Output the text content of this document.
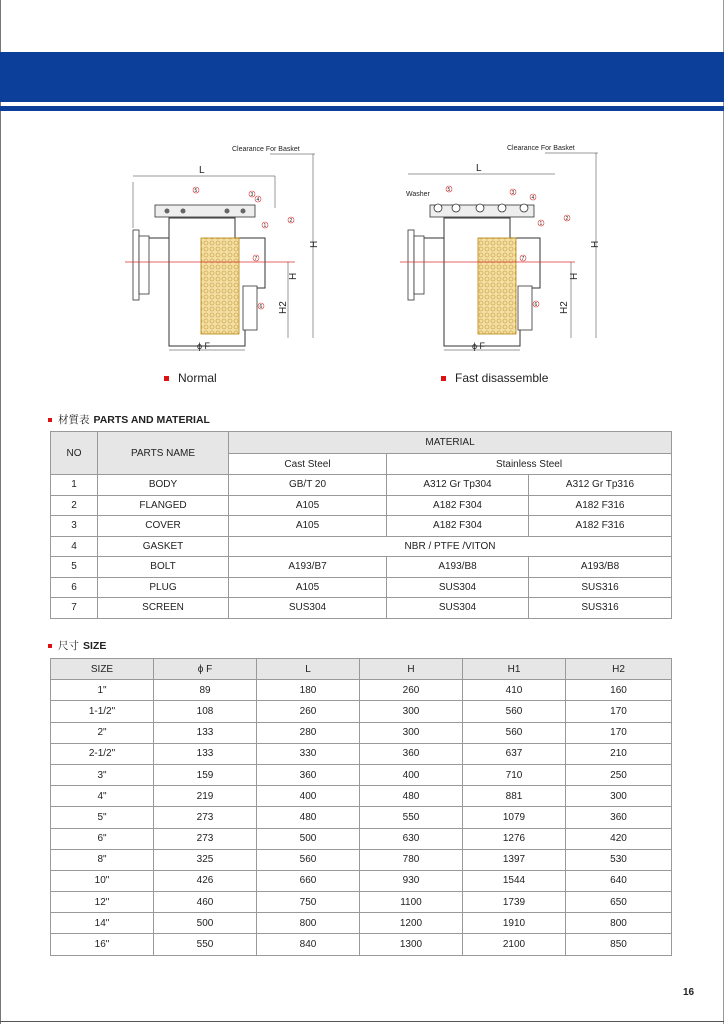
Clearance For Basket
H
L
ϕ F
H
H2
5
3
4
1
2
7
6
Clearance For Basket
H
L
Washer
ϕ F
H
H2
5	3
4
1
2
7
6
Normal	Fast disassemble
材質表 PARTS AND MATERIAL
NO	PARTS NAME	MATERIAL		
		Cast Steel	Stainless Steel	
1	BODY	GB/T 20	A312 Gr Tp304	A312 Gr Tp316
2	FLANGED	A105	A182 F304	A182 F316
3	COVER	A105	A182 F304	A182 F316
4	GASKET	NBR / PTFE /VITON		
5	BOLT	A193/B7	A193/B8	A193/B8
6	PLUG	A105	SUS304	SUS316
7	SCREEN	SUS304	SUS304	SUS316
尺寸 SIZE
SIZE	ϕ F	L	H	H1	H2
1"	89	180	260	410	160
1-1/2"	108	260	300	560	170
2"	133	280	300	560	170
2-1/2"	133	330	360	637	210
3"	159	360	400	710	250
4"	219	400	480	881	300
5"	273	480	550	1079	360
6"	273	500	630	1276	420
8"	325	560	780	1397	530
10"	426	660	930	1544	640
12"	460	750	1100	1739	650
14"	500	800	1200	1910	800
16"	550	840	1300	2100	850
16
